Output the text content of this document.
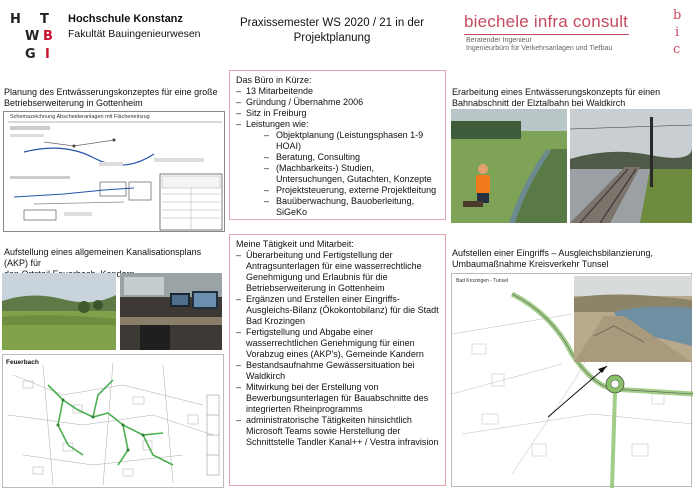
H T
W B
G I
Hochschule Konstanz
Fakultät Bauingenieurwesen
Praxissemester WS 2020 / 21 in der
Projektplanung
biechele infra consult
Beratender Ingenieur
Ingenieurbüro für Verkehrsanlagen und Tiefbau
b
i
c
Planung des Entwässerungskonzeptes für eine große
Betriebserweiterung in Gottenheim
Schemazeichnung Abscheideranlagen mit Flächeneinzug
Aufstellung eines allgemeinen Kanalisationsplans (AKP) für
Kandern
Feuerbach
Das Büro in Kürze:
– 13 Mitarbeitende
– Gründung / Übernahme 2006
– Sitz in Freiburg
– Leistungen wie:
– Objektplanung (Leistungsphasen 1-9 HOAI)
– Beratung, Consulting
– (Machbarkeits-) Studien, Untersuchungen, Gutachten, Konzepte
– Projektsteuerung, externe Projektleitung
– Bauüberwachung, Bauoberleitung, SiGeKo
Meine Tätigkeit und Mitarbeit:
– Überarbeitung und Fertigstellung der Antragsunterlagen für eine wasserrechtliche Genehmigung und Erlaubnis für die Betriebserweiterung in Gottenheim
– Ergänzen und Erstellen einer Eingriffs-Ausgleichs-Bilanz (Ökokontobilanz) für die Stadt Bad Krozingen
– Fertigstellung und Abgabe einer wasserrechtlichen Genehmigung für einen Vorabzug eines (AKP's), Gemeinde Kandern
– Bestandsaufnahme Gewässersituation bei Waldkirch
– Mitwirkung bei der Erstellung von Bewerbungsunterlagen für Bauabschnitte des integrierten Rheinprogramms
– administratorische Tätigkeiten hinsichtlich Microsoft Teams sowie Herstellung der Schnittstelle Tandler Kanal++ / Vestra infravision
Erarbeitung eines Entwässerungskonzepts für einen
Bahnabschnitt der Elztalbahn bei Waldkirch
Aufstellen einer Eingriffs – Ausgleichsbilanzierung,
Umbaumaßnahme Kreisverkehr Tunsel
Bad Krozingen - Tunsel
